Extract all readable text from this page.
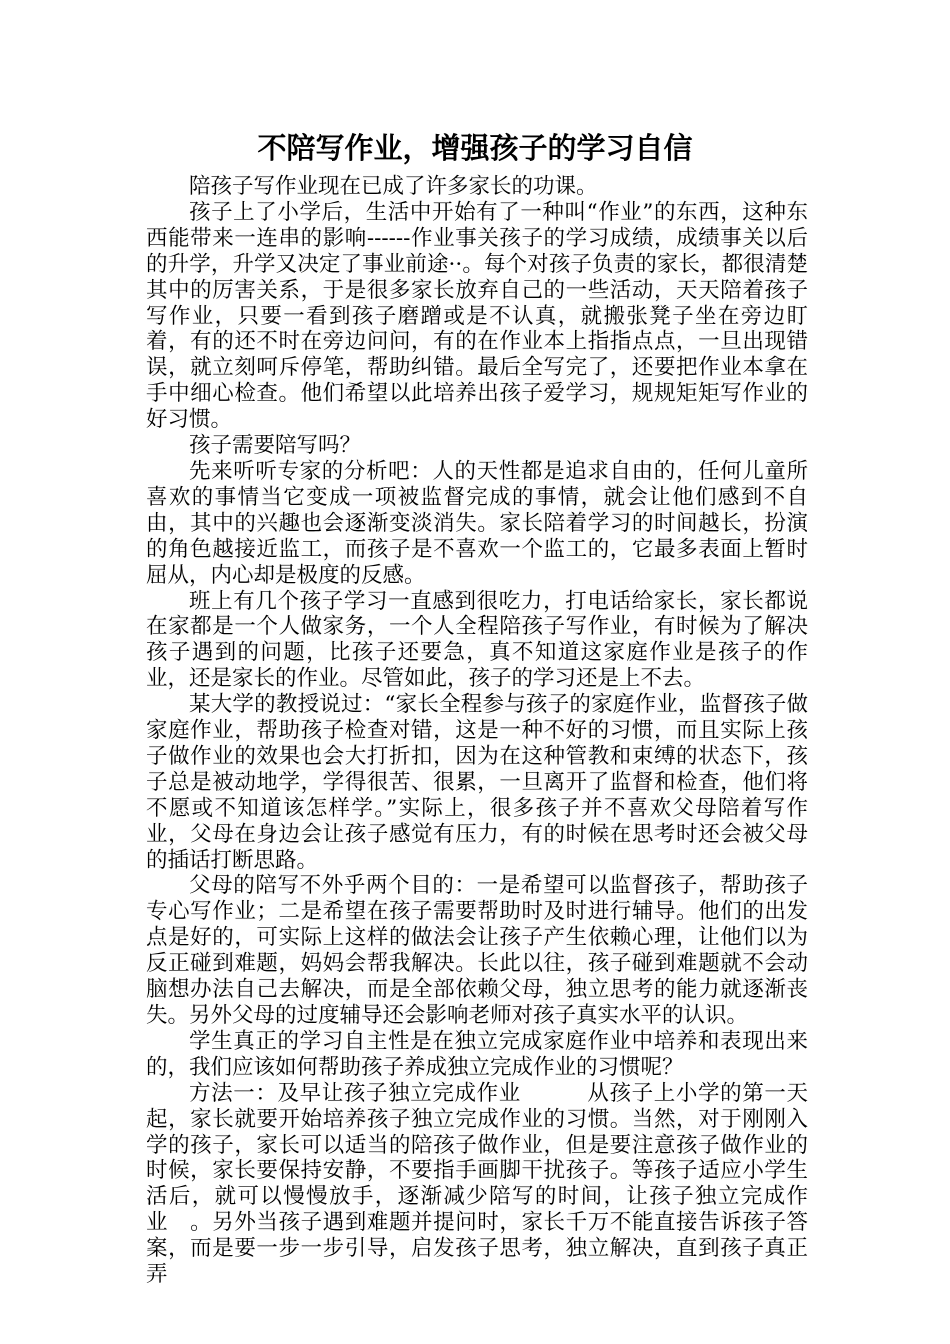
不陪写作业，增强孩子的学习自信

陪孩子写作业现在已成了许多家长的功课。

孩子上了小学后，生活中开始有了一种叫“作业”的东西，这种东西能带来一连串的影响------作业事关孩子的学习成绩，成绩事关以后的升学，升学又决定了事业前途··。每个对孩子负责的家长，都很清楚其中的厉害关系，于是很多家长放弃自己的一些活动，天天陪着孩子写作业，只要一看到孩子磨蹭或是不认真，就搬张凳子坐在旁边盯着，有的还不时在旁边问问，有的在作业本上指指点点，一旦出现错误，就立刻呵斥停笔，帮助纠错。最后全写完了，还要把作业本拿在手中细心检查。他们希望以此培养出孩子爱学习，规规矩矩写作业的好习惯。

孩子需要陪写吗？

先来听听专家的分析吧：人的天性都是追求自由的，任何儿童所喜欢的事情当它变成一项被监督完成的事情，就会让他们感到不自由，其中的兴趣也会逐渐变淡消失。家长陪着学习的时间越长，扮演的角色越接近监工，而孩子是不喜欢一个监工的，它最多表面上暂时屈从，内心却是极度的反感。

班上有几个孩子学习一直感到很吃力，打电话给家长，家长都说在家都是一个人做家务，一个人全程陪孩子写作业，有时候为了解决孩子遇到的问题，比孩子还要急，真不知道这家庭作业是孩子的作业，还是家长的作业。尽管如此，孩子的学习还是上不去。

某大学的教授说过：“家长全程参与孩子的家庭作业，监督孩子做家庭作业，帮助孩子检查对错，这是一种不好的习惯，而且实际上孩子做作业的效果也会大打折扣，因为在这种管教和束缚的状态下，孩子总是被动地学，学得很苦、很累，一旦离开了监督和检查，他们将不愿或不知道该怎样学。”实际上，很多孩子并不喜欢父母陪着写作业，父母在身边会让孩子感觉有压力，有的时候在思考时还会被父母的插话打断思路。

父母的陪写不外乎两个目的：一是希望可以监督孩子，帮助孩子专心写作业；二是希望在孩子需要帮助时及时进行辅导。他们的出发点是好的，可实际上这样的做法会让孩子产生依赖心理，让他们以为反正碰到难题，妈妈会帮我解决。长此以往，孩子碰到难题就不会动脑想办法自己去解决，而是全部依赖父母，独立思考的能力就逐渐丧失。另外父母的过度辅导还会影响老师对孩子真实水平的认识。

学生真正的学习自主性是在独立完成家庭作业中培养和表现出来的，我们应该如何帮助孩子养成独立完成作业的习惯呢？

方法一：及早让孩子独立完成作业　　　从孩子上小学的第一天起，家长就要开始培养孩子独立完成作业的习惯。当然，对于刚刚入学的孩子，家长可以适当的陪孩子做作业，但是要注意孩子做作业的时候，家长要保持安静，不要指手画脚干扰孩子。等孩子适应小学生活后，就可以慢慢放手，逐渐减少陪写的时间，让孩子独立完成作业　。另外当孩子遇到难题并提问时，家长千万不能直接告诉孩子答案，而是要一步一步引导，启发孩子思考，独立解决，直到孩子真正弄
